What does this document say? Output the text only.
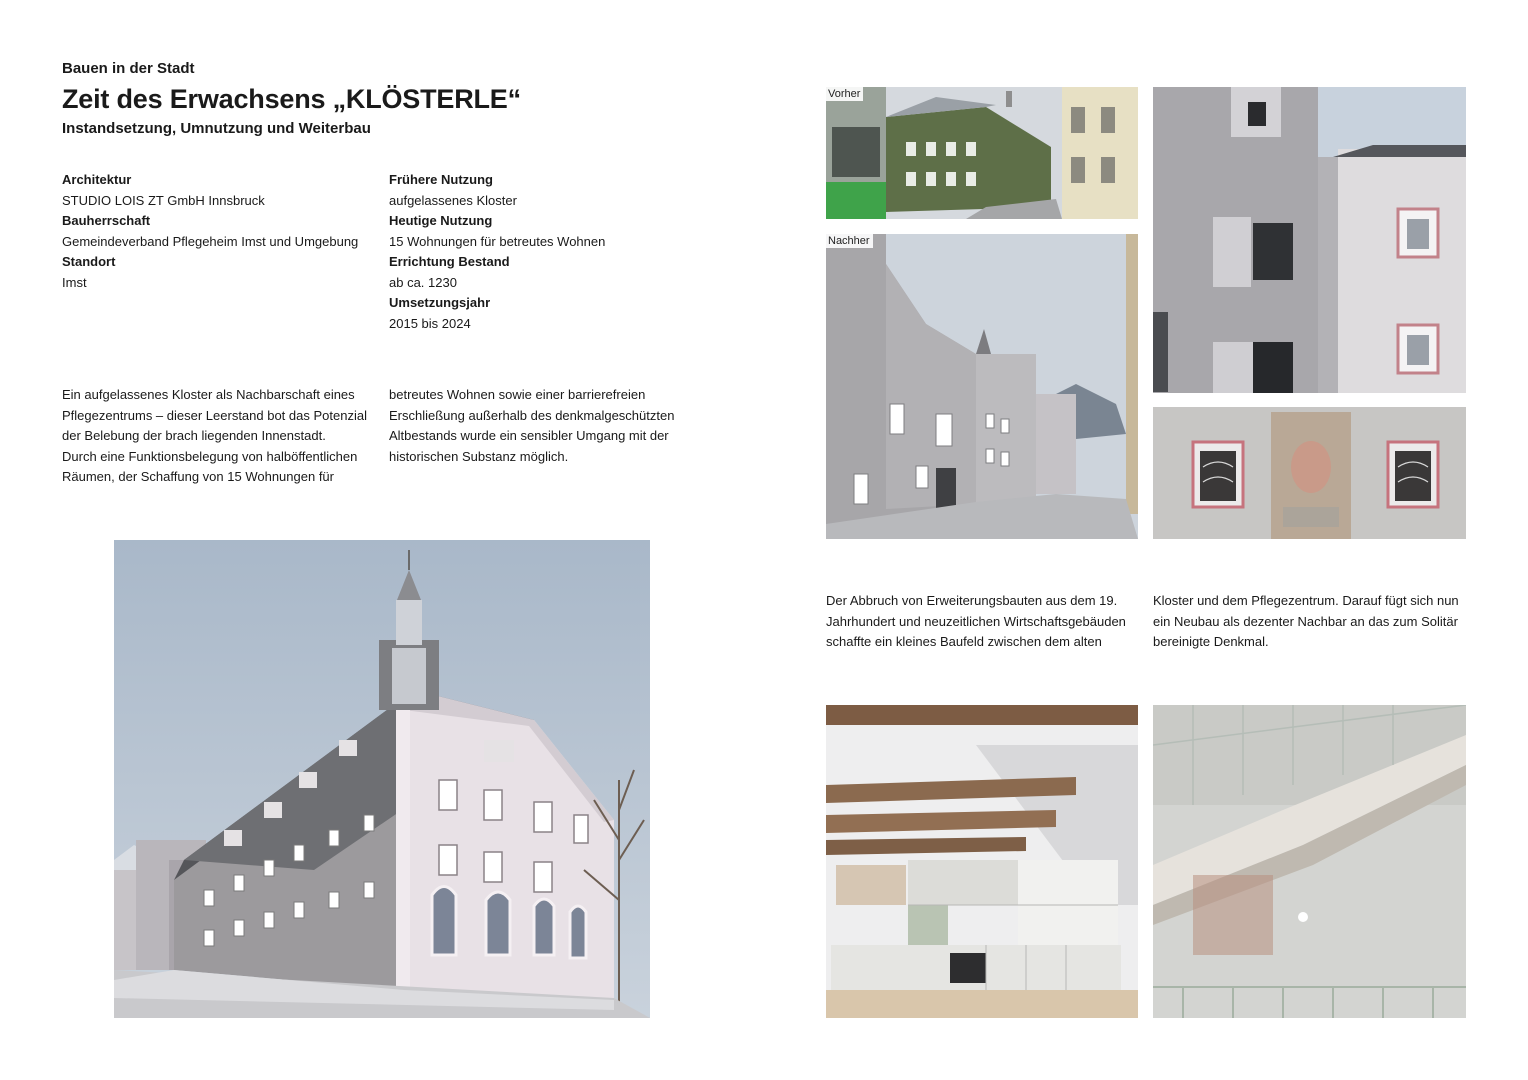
Bauen in der Stadt
Zeit des Erwachsens „KLÖSTERLE“
Instandsetzung, Umnutzung und Weiterbau
Architektur
STUDIO LOIS ZT GmbH Innsbruck
Bauherrschaft
Gemeindeverband Pflegeheim Imst und Umgebung
Standort
Imst
Frühere Nutzung
aufgelassenes Kloster
Heutige Nutzung
15 Wohnungen für betreutes Wohnen
Errichtung Bestand
ab ca. 1230
Umsetzungsjahr
2015 bis 2024
Ein aufgelassenes Kloster als Nachbarschaft eines
Pflegezentrums – dieser Leerstand bot das Potenzial
der Belebung der brach liegenden Innenstadt.
Durch eine Funktionsbelegung von halböffentlichen
Räumen, der Schaffung von 15 Wohnungen für
betreutes Wohnen sowie einer barrierefreien
Erschließung außerhalb des denkmalgeschützten
Altbestands wurde ein sensibler Umgang mit der
historischen Substanz möglich.
Der Abbruch von Erweiterungsbauten aus dem 19.
Jahrhundert und neuzeitlichen Wirtschaftsgebäuden
schaffte ein kleines Baufeld zwischen dem alten
Kloster und dem Pflegezentrum. Darauf fügt sich nun
ein Neubau als dezenter Nachbar an das zum Solitär
bereinigte Denkmal.
Vorher
Nachher
